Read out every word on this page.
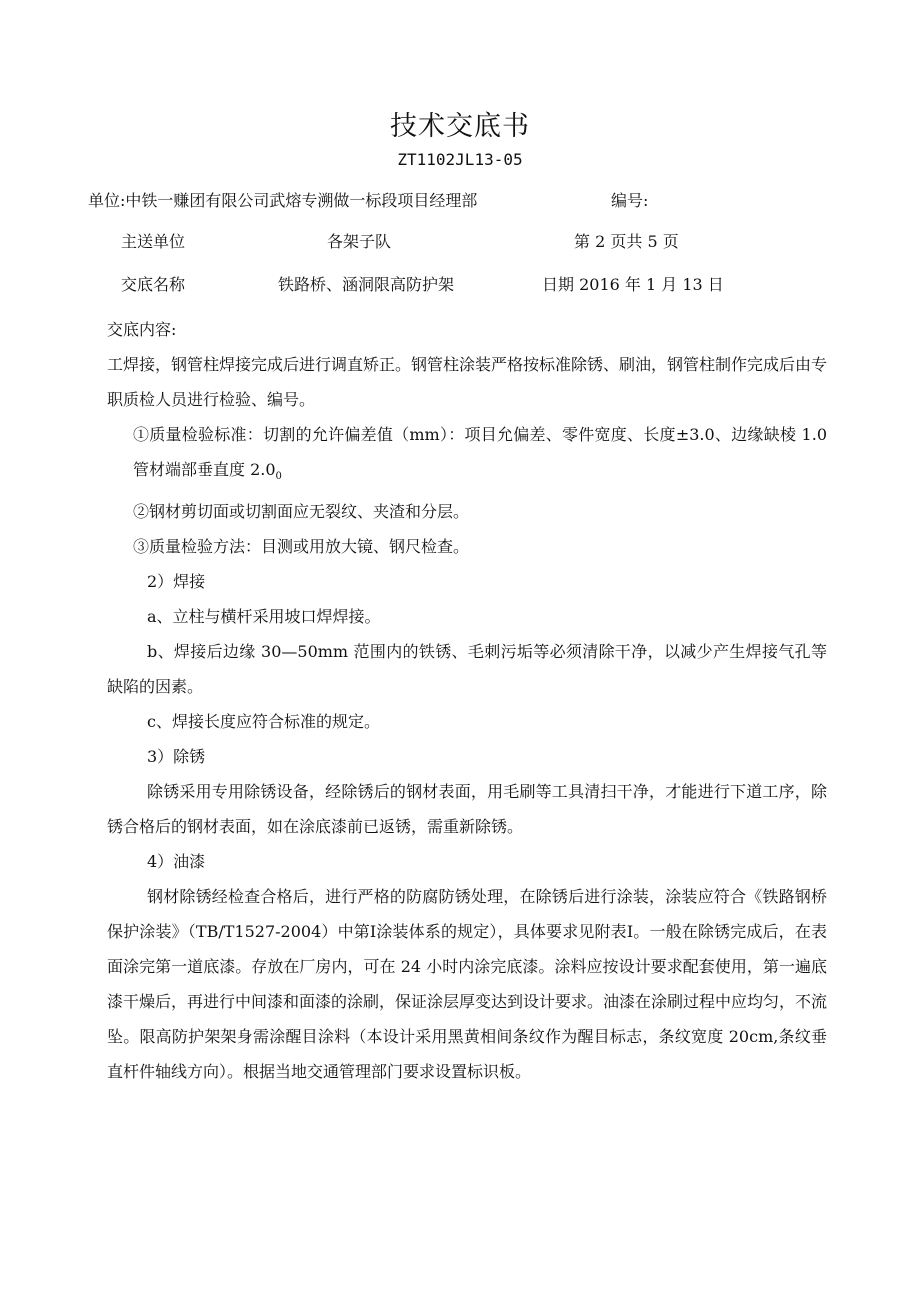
技术交底书
ZT1102JL13-05
单位:中铁一赚团有限公司武熔专溯做一标段项目经理部	编号:
主送单位	各架子队	第 2 页共 5 页
交底名称	铁路桥、涵洞限高防护架	日期 2016 年 1 月 13 日
交底内容:
工焊接，钢管柱焊接完成后进行调直矫正。钢管柱涂装严格按标准除锈、刷油，钢管柱制作完成后由专职质检人员进行检验、编号。
①质量检验标准：切割的允许偏差值（mm）：项目允偏差、零件宽度、长度±3.0、边缘缺棱 1.0 管材端部垂直度 $2.0_0$
②钢材剪切面或切割面应无裂纹、夹渣和分层。
③质量检验方法：目测或用放大镜、钢尺检查。
2）焊接
a、立柱与横杆采用坡口焊焊接。
b、焊接后边缘 30—50mm 范围内的铁锈、毛刺污垢等必须清除干净，以减少产生焊接气孔等缺陷的因素。
c、焊接长度应符合标准的规定。
3）除锈
除锈采用专用除锈设备，经除锈后的钢材表面，用毛刷等工具清扫干净，才能进行下道工序，除锈合格后的钢材表面，如在涂底漆前已返锈，需重新除锈。
4）油漆
钢材除锈经检查合格后，进行严格的防腐防锈处理，在除锈后进行涂装，涂装应符合《铁路钢桥保护涂装》（TB/T1527-2004）中第Ⅰ涂装体系的规定），具体要求见附表Ⅰ。一般在除锈完成后，在表面涂完第一道底漆。存放在厂房内，可在 24 小时内涂完底漆。涂料应按设计要求配套使用，第一遍底漆干燥后，再进行中间漆和面漆的涂刷，保证涂层厚变达到设计要求。油漆在涂刷过程中应均匀，不流坠。限高防护架架身需涂醒目涂料（本设计采用黑黄相间条纹作为醒目标志，条纹宽度 20cm,条纹垂直杆件轴线方向）。根据当地交通管理部门要求设置标识板。
